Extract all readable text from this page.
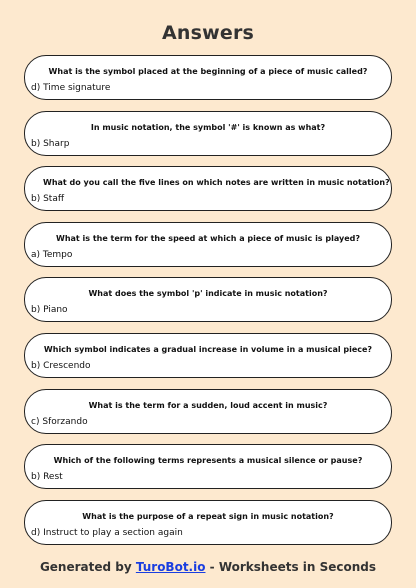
Answers
What is the symbol placed at the beginning of a piece of music called?
d) Time signature
In music notation, the symbol '#' is known as what?
b) Sharp
What do you call the five lines on which notes are written in music notation?
b) Staff
What is the term for the speed at which a piece of music is played?
a) Tempo
What does the symbol 'p' indicate in music notation?
b) Piano
Which symbol indicates a gradual increase in volume in a musical piece?
b) Crescendo
What is the term for a sudden, loud accent in music?
c) Sforzando
Which of the following terms represents a musical silence or pause?
b) Rest
What is the purpose of a repeat sign in music notation?
d) Instruct to play a section again
Generated by TuroBot.io - Worksheets in Seconds
